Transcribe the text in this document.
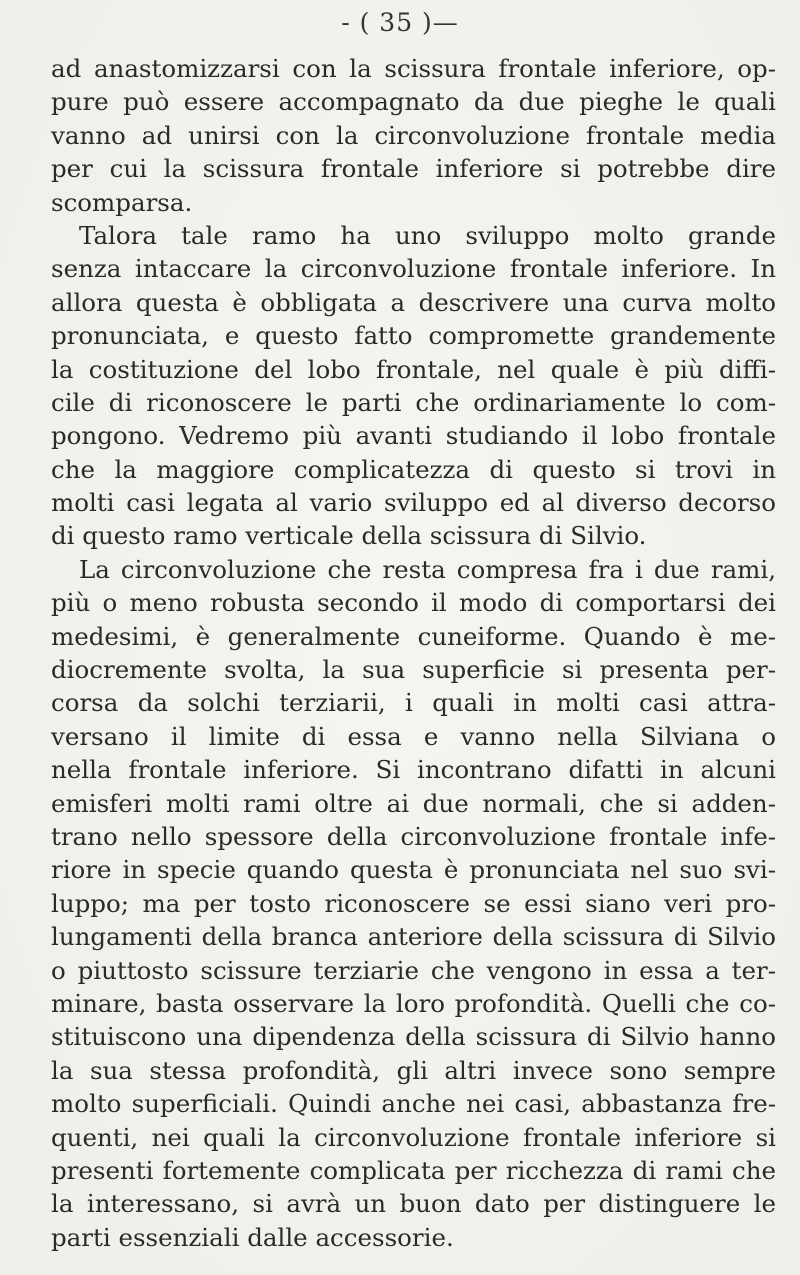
- ( 35 )—
ad anastomizzarsi con la scissura frontale inferiore, op-
pure può essere accompagnato da due pieghe le quali
vanno ad unirsi con la circonvoluzione frontale media
per cui la scissura frontale inferiore si potrebbe dire
scomparsa.
Talora tale ramo ha uno sviluppo molto grande
senza intaccare la circonvoluzione frontale inferiore. In
allora questa è obbligata a descrivere una curva molto
pronunciata, e questo fatto compromette grandemente
la costituzione del lobo frontale, nel quale è più diffi-
cile di riconoscere le parti che ordinariamente lo com-
pongono. Vedremo più avanti studiando il lobo frontale
che la maggiore complicatezza di questo si trovi in
molti casi legata al vario sviluppo ed al diverso decorso
di questo ramo verticale della scissura di Silvio.
La circonvoluzione che resta compresa fra i due rami,
più o meno robusta secondo il modo di comportarsi dei
medesimi, è generalmente cuneiforme. Quando è me-
diocremente svolta, la sua superficie si presenta per-
corsa da solchi terziarii, i quali in molti casi attra-
versano il limite di essa e vanno nella Silviana o
nella frontale inferiore. Si incontrano difatti in alcuni
emisferi molti rami oltre ai due normali, che si adden-
trano nello spessore della circonvoluzione frontale infe-
riore in specie quando questa è pronunciata nel suo svi-
luppo; ma per tosto riconoscere se essi siano veri pro-
lungamenti della branca anteriore della scissura di Silvio
o piuttosto scissure terziarie che vengono in essa a ter-
minare, basta osservare la loro profondità. Quelli che co-
stituiscono una dipendenza della scissura di Silvio hanno
la sua stessa profondità, gli altri invece sono sempre
molto superficiali. Quindi anche nei casi, abbastanza fre-
quenti, nei quali la circonvoluzione frontale inferiore si
presenti fortemente complicata per ricchezza di rami che
la interessano, si avrà un buon dato per distinguere le
parti essenziali dalle accessorie.
